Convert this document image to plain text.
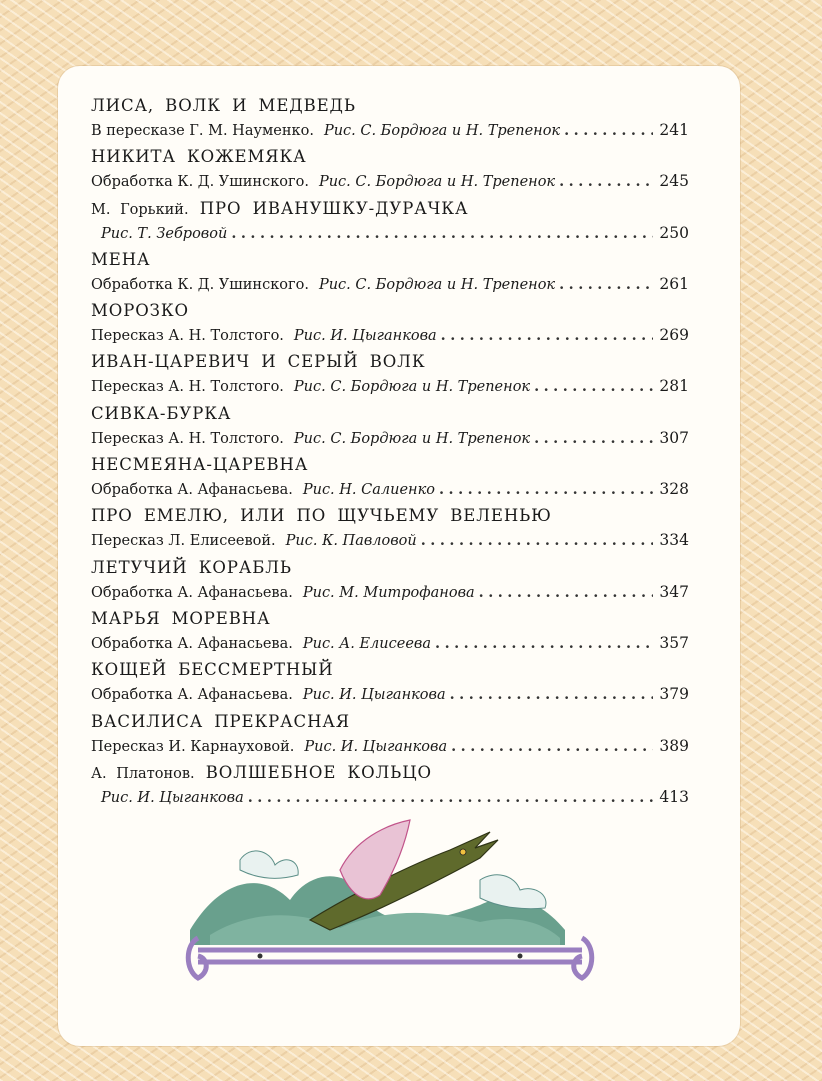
ЛИСА, ВОЛК И МЕДВЕДЬ
В пересказе Г. М. Науменко. Рис. С. Бордюга и Н. Трепенок .....	241
НИКИТА КОЖЕМЯКА
Обработка К. Д. Ушинского. Рис. С. Бордюга и Н. Трепенок .....	245
М. Горький. ПРО ИВАНУШКУ-ДУРАЧКА
Рис. Т. Зебровой .....	250
МЕНА
Обработка К. Д. Ушинского. Рис. С. Бордюга и Н. Трепенок .....	261
МОРОЗКО
Пересказ А. Н. Толстого. Рис. И. Цыганкова .....	269
ИВАН-ЦАРЕВИЧ И СЕРЫЙ ВОЛК
Пересказ А. Н. Толстого. Рис. С. Бордюга и Н. Трепенок .....	281
СИВКА-БУРКА
Пересказ А. Н. Толстого. Рис. С. Бордюга и Н. Трепенок .....	307
НЕСМЕЯНА-ЦАРЕВНА
Обработка А. Афанасьева. Рис. Н. Салиенко .....	328
ПРО ЕМЕЛЮ, ИЛИ ПО ЩУЧЬЕМУ ВЕЛЕНЬЮ
Пересказ Л. Елисеевой. Рис. К. Павловой .....	334
ЛЕТУЧИЙ КОРАБЛЬ
Обработка А. Афанасьева. Рис. М. Митрофанова .....	347
МАРЬЯ МОРЕВНА
Обработка А. Афанасьева. Рис. А. Елисеева .....	357
КОЩЕЙ БЕССМЕРТНЫЙ
Обработка А. Афанасьева. Рис. И. Цыганкова .....	379
ВАСИЛИСА ПРЕКРАСНАЯ
Пересказ И. Карнауховой. Рис. И. Цыганкова .....	389
А. Платонов. ВОЛШЕБНОЕ КОЛЬЦО
Рис. И. Цыганкова .....	413
